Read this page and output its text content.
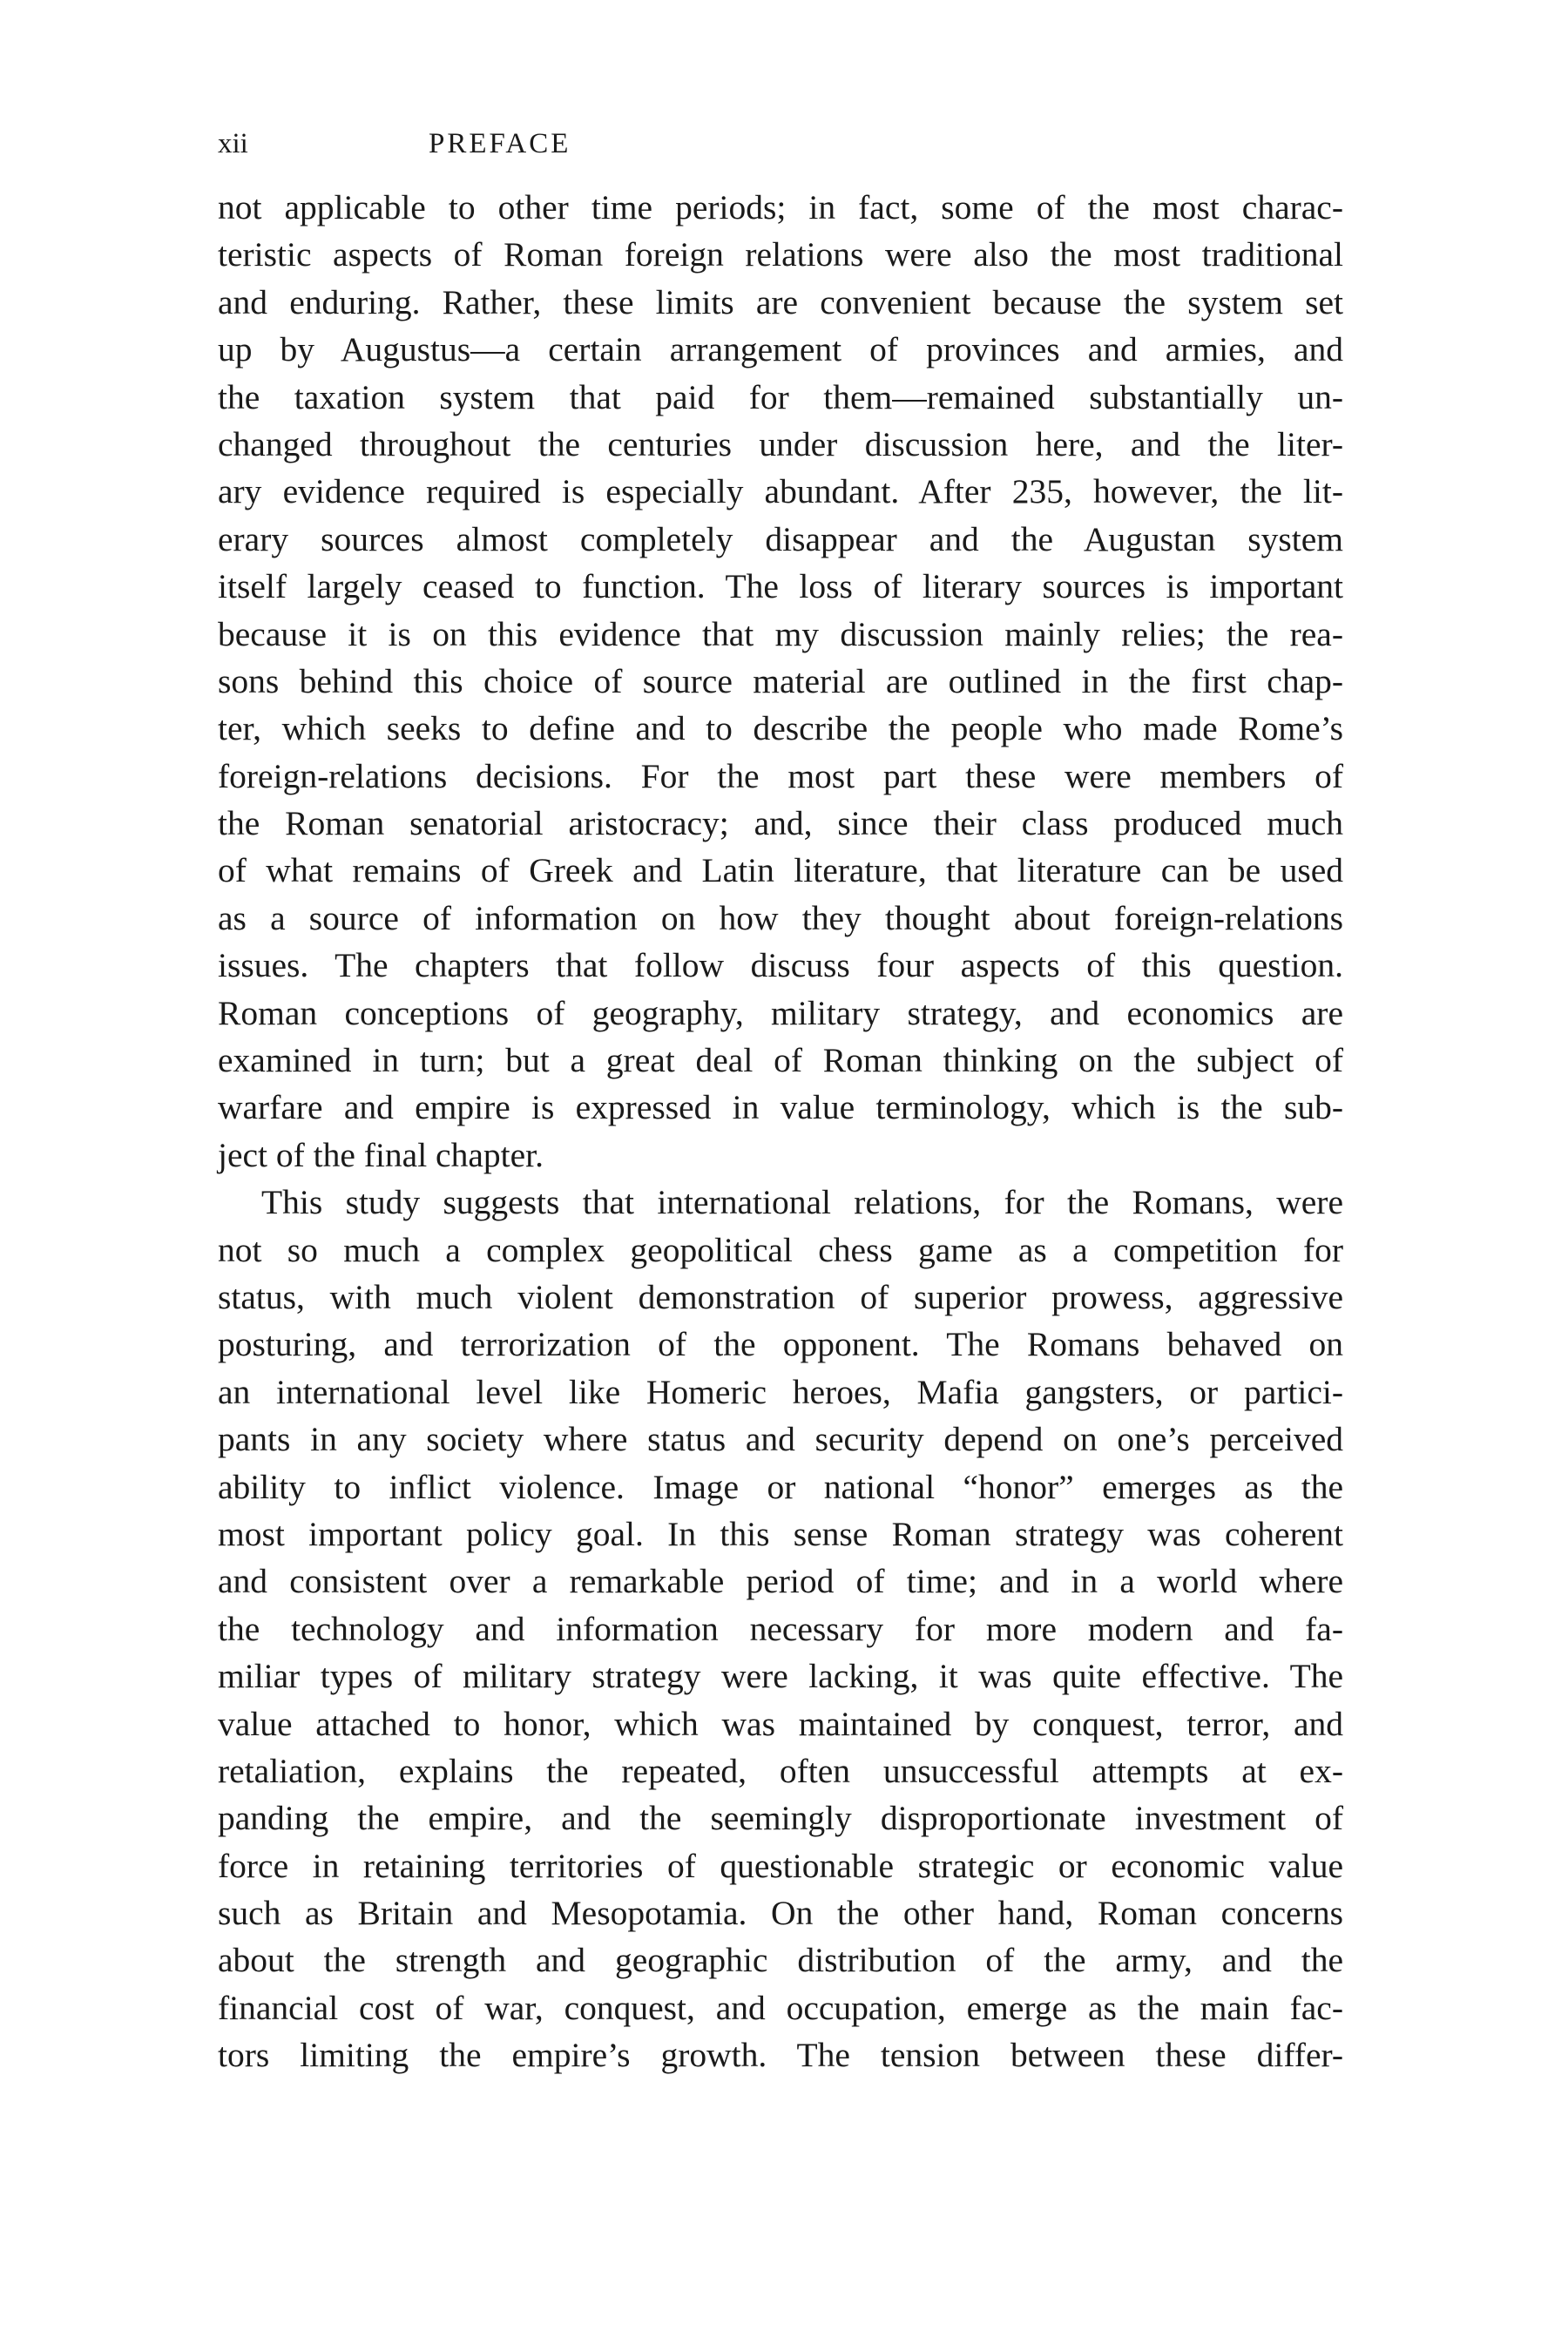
xii	PREFACE
not applicable to other time periods; in fact, some of the most charac-
teristic aspects of Roman foreign relations were also the most traditional
and enduring. Rather, these limits are convenient because the system set
up by Augustus—a certain arrangement of provinces and armies, and
the taxation system that paid for them—remained substantially un-
changed throughout the centuries under discussion here, and the liter-
ary evidence required is especially abundant. After 235, however, the lit-
erary sources almost completely disappear and the Augustan system
itself largely ceased to function. The loss of literary sources is important
because it is on this evidence that my discussion mainly relies; the rea-
sons behind this choice of source material are outlined in the first chap-
ter, which seeks to define and to describe the people who made Rome’s
foreign-relations decisions. For the most part these were members of
the Roman senatorial aristocracy; and, since their class produced much
of what remains of Greek and Latin literature, that literature can be used
as a source of information on how they thought about foreign-relations
issues. The chapters that follow discuss four aspects of this question.
Roman conceptions of geography, military strategy, and economics are
examined in turn; but a great deal of Roman thinking on the subject of
warfare and empire is expressed in value terminology, which is the sub-
ject of the final chapter.
This study suggests that international relations, for the Romans, were
not so much a complex geopolitical chess game as a competition for
status, with much violent demonstration of superior prowess, aggressive
posturing, and terrorization of the opponent. The Romans behaved on
an international level like Homeric heroes, Mafia gangsters, or partici-
pants in any society where status and security depend on one’s perceived
ability to inflict violence. Image or national “honor” emerges as the
most important policy goal. In this sense Roman strategy was coherent
and consistent over a remarkable period of time; and in a world where
the technology and information necessary for more modern and fa-
miliar types of military strategy were lacking, it was quite effective. The
value attached to honor, which was maintained by conquest, terror, and
retaliation, explains the repeated, often unsuccessful attempts at ex-
panding the empire, and the seemingly disproportionate investment of
force in retaining territories of questionable strategic or economic value
such as Britain and Mesopotamia. On the other hand, Roman concerns
about the strength and geographic distribution of the army, and the
financial cost of war, conquest, and occupation, emerge as the main fac-
tors limiting the empire’s growth. The tension between these differ-
